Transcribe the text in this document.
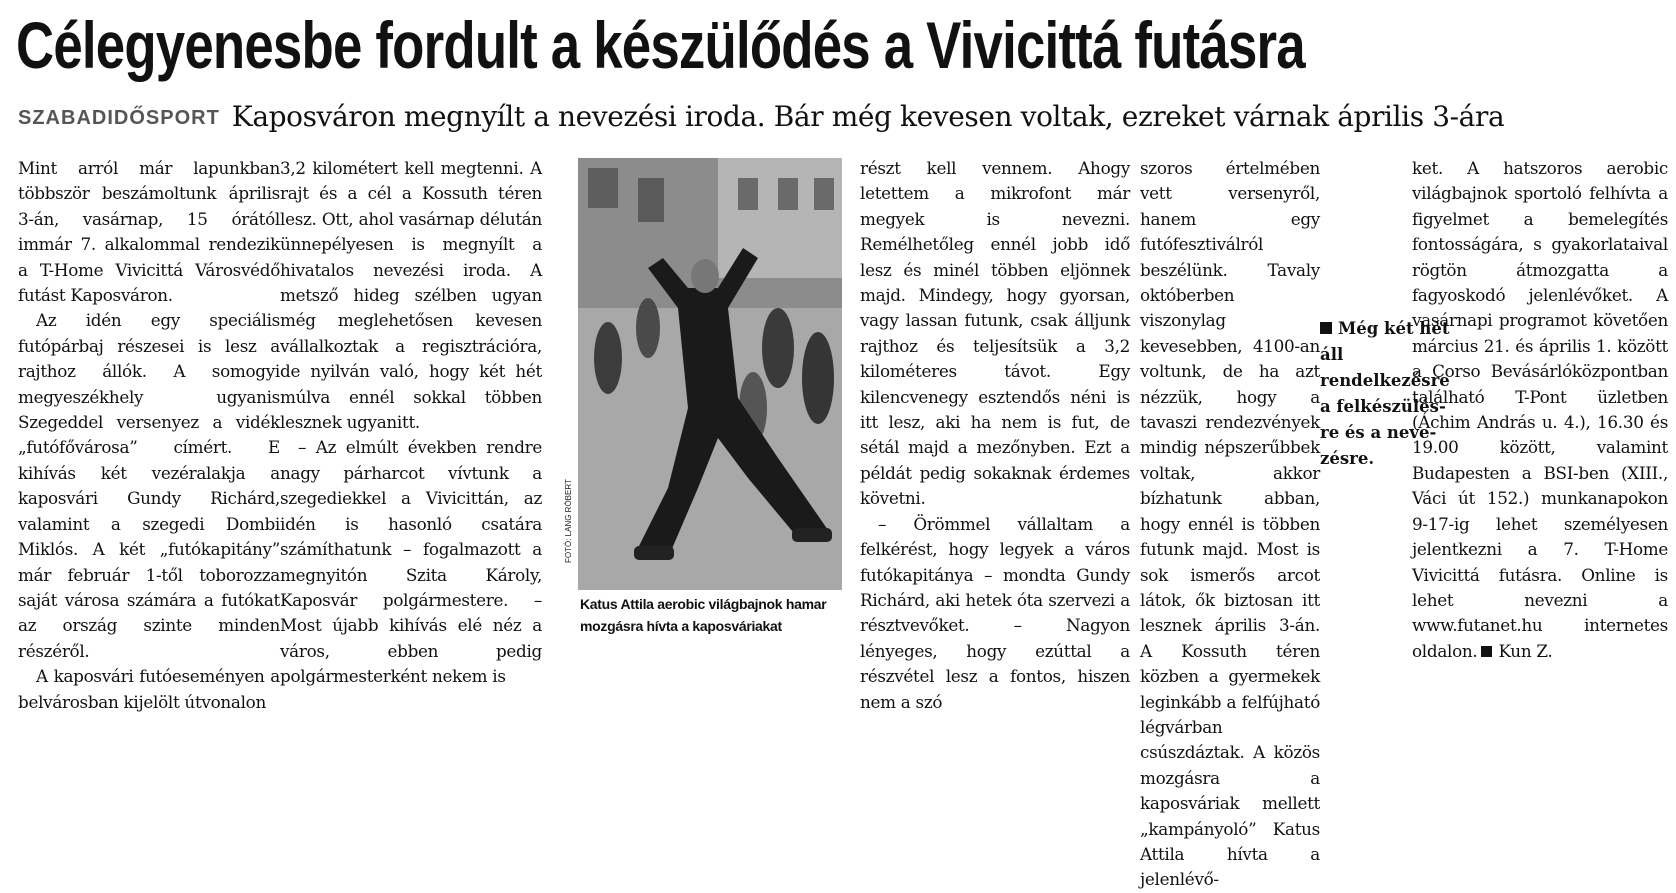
Célegyenesbe fordult a készülődés a Vivicittá futásra
SZABADIDŐSPORT Kaposváron megnyílt a nevezési iroda. Bár még kevesen voltak, ezreket várnak április 3-ára

Mint arról már lapunkban többször beszámoltunk április 3-án, vasárnap, 15 órától immár 7. alkalommal rendezik a T-Home Vivicittá Városvédő futást Kaposváron.

Az idén egy speciális futópárbaj részesei is lesz a rajthoz állók. A somogyi megyeszékhely ugyanis Szegeddel versenyez a vidék „futófővárosa” címért. E kihívás két vezéralakja a kaposvári Gundy Richárd, valamint a szegedi Dombi Miklós. A két „futókapitány” már február 1-től toborozza saját városa számára a futókat az ország szinte minden részéről.

A kaposvári futóeseményen a belvárosban kijelölt útvonalon

3,2 kilométert kell megtenni. A rajt és a cél a Kossuth téren lesz. Ott, ahol vasárnap délután ünnepélyesen is megnyílt a hivatalos nevezési iroda. A metsző hideg szélben ugyan még meglehetősen kevesen vállalkoztak a regisztrációra, de nyilván való, hogy két hét múlva ennél sokkal többen lesznek ugyanitt.

– Az elmúlt években rendre nagy párharcot vívtunk a szegediekkel a Vivicittán, az idén is hasonló csatára számíthatunk – fogalmazott a megnyitón Szita Károly, Kaposvár polgármestere. – Most újabb kihívás elé néz a város, ebben pedig polgármesterként nekem is

FOTÓ: LANG RÓBERT
Katus Attila aerobic világbajnok hamar mozgásra hívta a kaposváriakat

részt kell vennem. Ahogy letettem a mikrofont már megyek is nevezni. Remélhetőleg ennél jobb idő lesz és minél többen eljönnek majd. Mindegy, hogy gyorsan, vagy lassan futunk, csak álljunk rajthoz és teljesítsük a 3,2 kilométeres távot. Egy kilencvenegy esztendős néni is itt lesz, aki ha nem is fut, de sétál majd a mezőnyben. Ezt a példát pedig sokaknak érdemes követni.

– Örömmel vállaltam a felkérést, hogy legyek a város futókapitánya – mondta Gundy Richárd, aki hetek óta szervezi a résztvevőket. – Nagyon lényeges, hogy ezúttal a részvétel lesz a fontos, hiszen nem a szó

szoros értelmében vett versenyről, hanem egy futófesztiválról beszélünk. Tavaly októberben viszonylag kevesebben, 4100-an voltunk, de ha azt nézzük, hogy a tavaszi rendezvények mindig népszerűbbek voltak, akkor bízhatunk abban, hogy ennél is többen futunk majd. Most is sok ismerős arcot látok, ők biztosan itt lesznek április 3-án. A Kossuth téren közben a gyermekek leginkább a felfújható légvárban csúszdáztak. A közös mozgásra a kaposváriak mellett „kampányoló” Katus Attila hívta a jelenlévő-

Még két hét áll
rendelkezésre
a felkészülés-
re és a neve-
zésre.

ket. A hatszoros aerobic világbajnok sportoló felhívta a figyelmet a bemelegítés fontosságára, s gyakorlataival rögtön átmozgatta a fagyoskodó jelenlévőket. A vasárnapi programot követően március 21. és április 1. között a Corso Bevásárlóközpontban található T-Pont üzletben (Áchim András u. 4.), 16.30 és 19.00 között, valamint Budapesten a BSI-ben (XIII., Váci út 152.) munkanapokon 9-17-ig lehet személyesen jelentkezni a 7. T-Home Vivicittá futásra. Online is lehet nevezni a www.futanet.hu internetes oldalon. Kun Z.
